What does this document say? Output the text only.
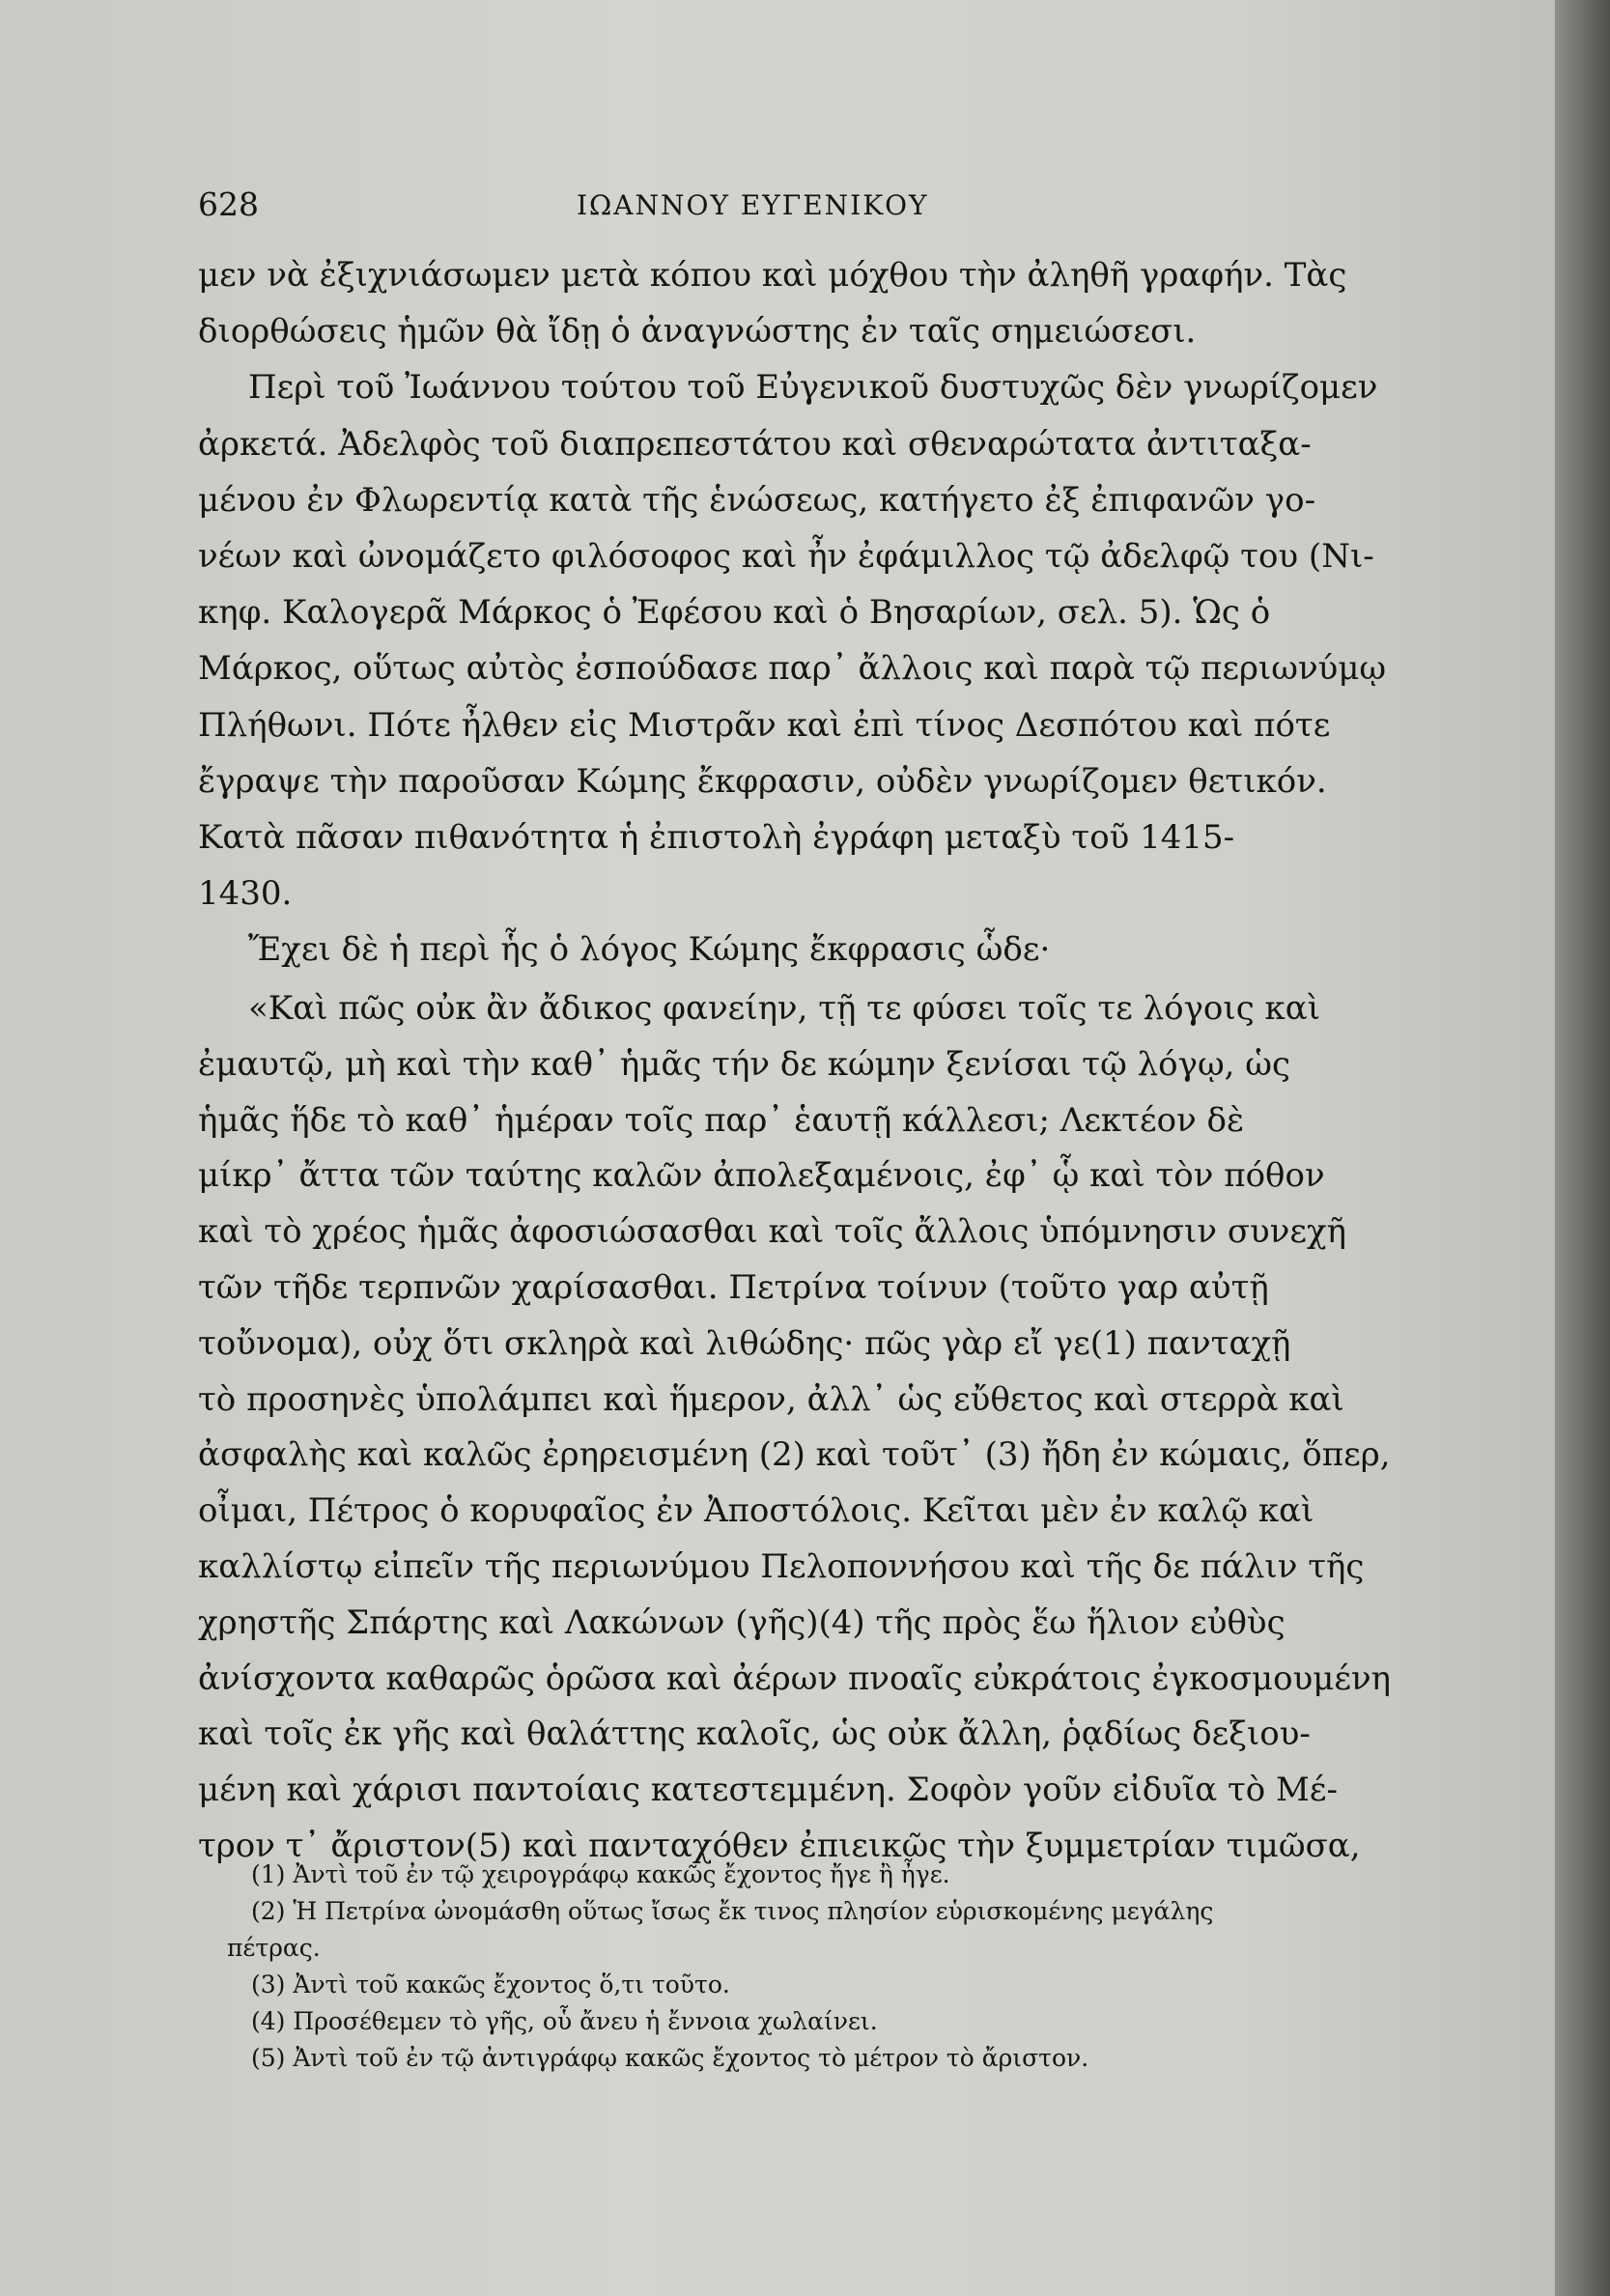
628	ΙΩΑΝΝΟΥ ΕΥΓΕΝΙΚΟΥ

μεν νὰ ἐξιχνιάσωμεν μετὰ κόπου καὶ μόχθου τὴν ἀληθῆ γραφήν. Τὰς
διορθώσεις ἡμῶν θὰ ἴδῃ ὁ ἀναγνώστης ἐν ταῖς σημειώσεσι.
Περὶ τοῦ Ἰωάννου τούτου τοῦ Εὐγενικοῦ δυστυχῶς δὲν γνωρίζομεν
ἀρκετά. Ἀδελφὸς τοῦ διαπρεπεστάτου καὶ σθεναρώτατα ἀντιταξα-
μένου ἐν Φλωρεντίᾳ κατὰ τῆς ἑνώσεως, κατήγετο ἐξ ἐπιφανῶν γο-
νέων καὶ ὠνομάζετο φιλόσοφος καὶ ἦν ἐφάμιλλος τῷ ἀδελφῷ του (Νι-
κηφ. Καλογερᾶ Μάρκος ὁ Ἐφέσου καὶ ὁ Βησαρίων, σελ. 5). Ὡς ὁ
Μάρκος, οὕτως αὐτὸς ἐσπούδασε παρ᾽ ἄλλοις καὶ παρὰ τῷ περιωνύμῳ
Πλήθωνι. Πότε ἦλθεν εἰς Μιστρᾶν καὶ ἐπὶ τίνος Δεσπότου καὶ πότε
ἔγραψε τὴν παροῦσαν Κώμης ἔκφρασιν, οὐδὲν γνωρίζομεν θετικόν.
Κατὰ πᾶσαν πιθανότητα ἡ ἐπιστολὴ ἐγράφη μεταξὺ τοῦ 1415-
1430.
Ἔχει δὲ ἡ περὶ ἧς ὁ λόγος Κώμης ἔκφρασις ὧδε·

«Καὶ πῶς οὐκ ἂν ἄδικος φανείην, τῇ τε φύσει τοῖς τε λόγοις καὶ
ἐμαυτῷ, μὴ καὶ τὴν καθ᾽ ἡμᾶς τήν δε κώμην ξενίσαι τῷ λόγῳ, ὡς
ἡμᾶς ἥδε τὸ καθ᾽ ἡμέραν τοῖς παρ᾽ ἑαυτῇ κάλλεσι; Λεκτέον δὲ
μίκρ᾽ ἄττα τῶν ταύτης καλῶν ἀπολεξαμένοις, ἐφ᾽ ᾧ καὶ τὸν πόθον
καὶ τὸ χρέος ἡμᾶς ἀφοσιώσασθαι καὶ τοῖς ἄλλοις ὑπόμνησιν συνεχῆ
τῶν τῆδε τερπνῶν χαρίσασθαι. Πετρίνα τοίνυν (τοῦτο γαρ αὐτῇ
τοὔνομα), οὐχ ὅτι σκληρὰ καὶ λιθώδης· πῶς γὰρ εἴ γε(1) πανταχῇ
τὸ προσηνὲς ὑπολάμπει καὶ ἥμερον, ἀλλ᾽ ὡς εὔθετος καὶ στερρὰ καὶ
ἀσφαλὴς καὶ καλῶς ἐρηρεισμένη (2) καὶ τοῦτ᾽ (3) ἤδη ἐν κώμαις, ὅπερ,
οἶμαι, Πέτρος ὁ κορυφαῖος ἐν Ἀποστόλοις. Κεῖται μὲν ἐν καλῷ καὶ
καλλίστῳ εἰπεῖν τῆς περιωνύμου Πελοποννήσου καὶ τῆς δε πάλιν τῆς
χρηστῆς Σπάρτης καὶ Λακώνων (γῆς)(4) τῆς πρὸς ἕω ἥλιον εὐθὺς
ἀνίσχοντα καθαρῶς ὁρῶσα καὶ ἀέρων πνοαῖς εὐκράτοις ἐγκοσμουμένη
καὶ τοῖς ἐκ γῆς καὶ θαλάττης καλοῖς, ὡς οὐκ ἄλλη, ῥᾳδίως δεξιου-
μένη καὶ χάρισι παντοίαις κατεστεμμένη. Σοφὸν γοῦν εἰδυῖα τὸ Μέ-
τρον τ᾽ ἄριστον(5) καὶ πανταχόθεν ἐπιεικῶς τὴν ξυμμετρίαν τιμῶσα,

(1) Ἀντὶ τοῦ ἐν τῷ χειρογράφῳ κακῶς ἔχοντος ἤγε ἢ ἦγε.
(2) Ἡ Πετρίνα ὠνομάσθη οὕτως ἴσως ἔκ τινος πλησίον εὑρισκομένης μεγάλης
πέτρας.
(3) Ἀντὶ τοῦ κακῶς ἔχοντος ὅ,τι τοῦτο.
(4) Προσέθεμεν τὸ γῆς, οὗ ἄνευ ἡ ἔννοια χωλαίνει.
(5) Ἀντὶ τοῦ ἐν τῷ ἀντιγράφῳ κακῶς ἔχοντος τὸ μέτρον τὸ ἄριστον.
